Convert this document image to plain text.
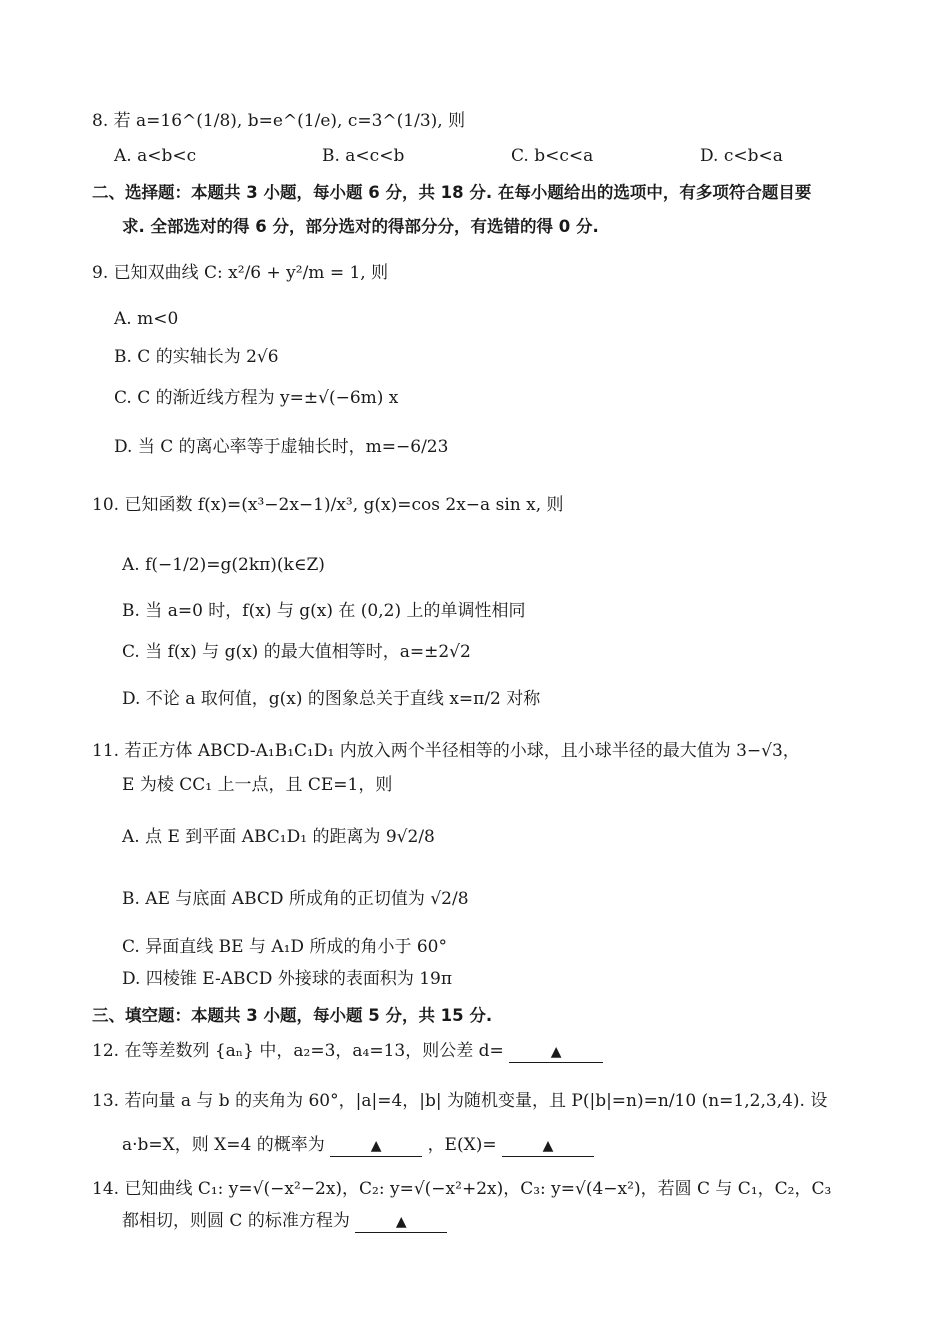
8. 若 a=16^(1/8), b=e^(1/e), c=3^(1/3), 则
A. a<b<c	B. a<c<b	C. b<c<a	D. c<b<a
二、选择题：本题共 3 小题，每小题 6 分，共 18 分. 在每小题给出的选项中，有多项符合题目要
求. 全部选对的得 6 分，部分选对的得部分分，有选错的得 0 分.
9. 已知双曲线 C: x²/6 + y²/m = 1, 则
A. m<0
B. C 的实轴长为 2√6
C. C 的渐近线方程为 y=±√(−6m) x
D. 当 C 的离心率等于虚轴长时，m=−6/23
10. 已知函数 f(x)=(x³−2x−1)/x³, g(x)=cos 2x−a sin x, 则
A. f(−1/2)=g(2kπ)(k∈Z)
B. 当 a=0 时，f(x) 与 g(x) 在 (0,2) 上的单调性相同
C. 当 f(x) 与 g(x) 的最大值相等时，a=±2√2
D. 不论 a 取何值，g(x) 的图象总关于直线 x=π/2 对称
11. 若正方体 ABCD-A₁B₁C₁D₁ 内放入两个半径相等的小球，且小球半径的最大值为 3−√3，
E 为棱 CC₁ 上一点，且 CE=1，则
A. 点 E 到平面 ABC₁D₁ 的距离为 9√2/8
B. AE 与底面 ABCD 所成角的正切值为 √2/8
C. 异面直线 BE 与 A₁D 所成的角小于 60°
D. 四棱锥 E-ABCD 外接球的表面积为 19π
三、填空题：本题共 3 小题，每小题 5 分，共 15 分.
12. 在等差数列 {aₙ} 中，a₂=3，a₄=13，则公差 d=	▲
13. 若向量 a 与 b 的夹角为 60°，|a|=4，|b| 为随机变量，且 P(|b|=n)=n/10 (n=1,2,3,4). 设
a·b=X，则 X=4 的概率为	▲	，E(X)=	▲
14. 已知曲线 C₁: y=√(−x²−2x)，C₂: y=√(−x²+2x)，C₃: y=√(4−x²)，若圆 C 与 C₁，C₂，C₃
都相切，则圆 C 的标准方程为	▲
